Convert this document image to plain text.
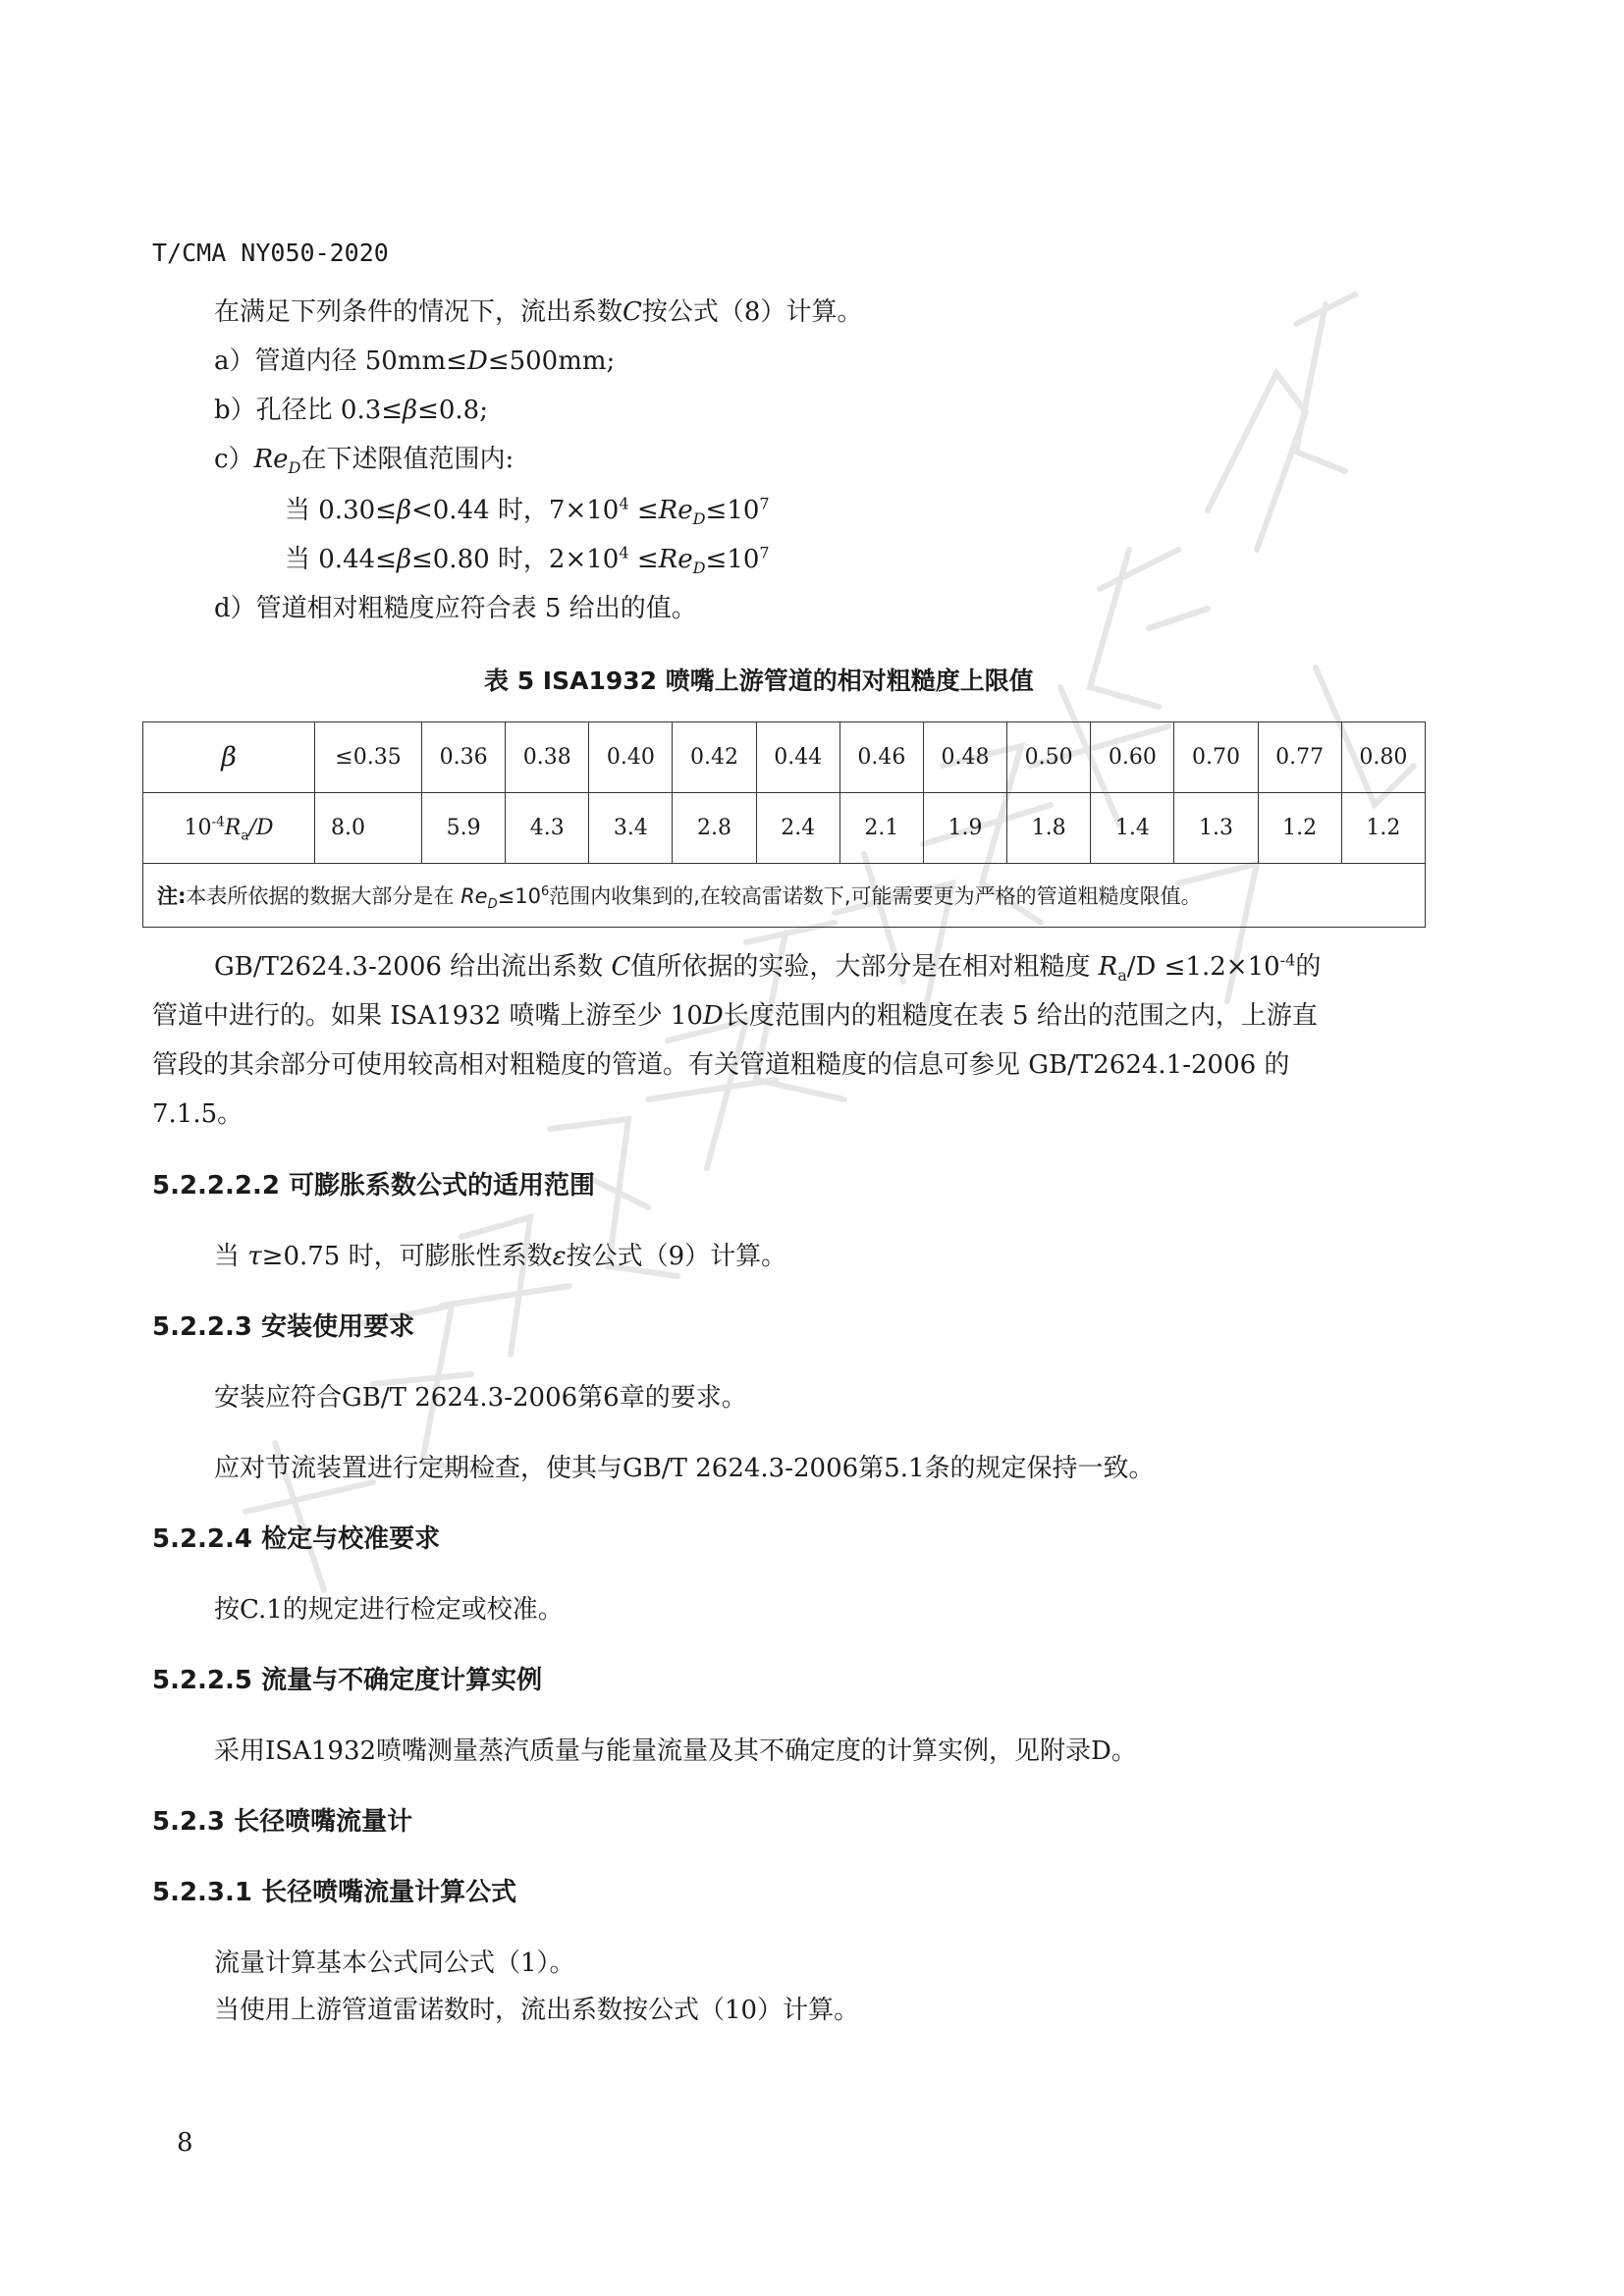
T/CMA NY050-2020
在满足下列条件的情况下，流出系数C按公式（8）计算。
a）管道内径 50mm≤D≤500mm;
b）孔径比 0.3≤β≤0.8;
$c)Re_D$在下述限值范围内:
当 0.30≤β<0.44 时，$7\times 10^4 \le Re_D\le 10^7$
当 0.44≤β≤0.80 时，$2\times 10^4 \le Re_D\le 10^7$
d）管道相对粗糙度应符合表 5 给出的值。
表 5 ISA1932 喷嘴上游管道的相对粗糙度上限值
β	≤0.35	0.36	0.38	0.40	0.42	0.44	0.46	0.48	0.50	0.60	0.70	0.77	0.80
$10^{-4}R_a/D$	8.0	5.9	4.3	3.4	2.8	2.4	2.1	1.9	1.8	1.4	1.3	1.2	1.2
注:本表所依据的数据大部分是在 $Re_D\le 10^6$范围内收集到的,在较高雷诺数下,可能需要更为严格的管道粗糙度限值。													
GB/T2624.3-2006 给出流出系数 C值所依据的实验，大部分是在相对粗糙度 $R_a/D \le 1.2\times 10^{-4}$的
管道中进行的。如果 ISA1932 喷嘴上游至少 10D长度范围内的粗糙度在表 5 给出的范围之内，上游直
管段的其余部分可使用较高相对粗糙度的管道。有关管道粗糙度的信息可参见 GB/T2624.1-2006 的
7.1.5。
5.2.2.2.2 可膨胀系数公式的适用范围
当 τ≥0.75 时，可膨胀性系数ε按公式（9）计算。
5.2.2.3 安装使用要求
安装应符合GB/T 2624.3-2006第6章的要求。
应对节流装置进行定期检查，使其与GB/T 2624.3-2006第5.1条的规定保持一致。
5.2.2.4 检定与校准要求
按C.1的规定进行检定或校准。
5.2.2.5 流量与不确定度计算实例
采用ISA1932喷嘴测量蒸汽质量与能量流量及其不确定度的计算实例，见附录D。
5.2.3 长径喷嘴流量计
5.2.3.1 长径喷嘴流量计算公式
流量计算基本公式同公式（1）。
当使用上游管道雷诺数时，流出系数按公式（10）计算。
8
